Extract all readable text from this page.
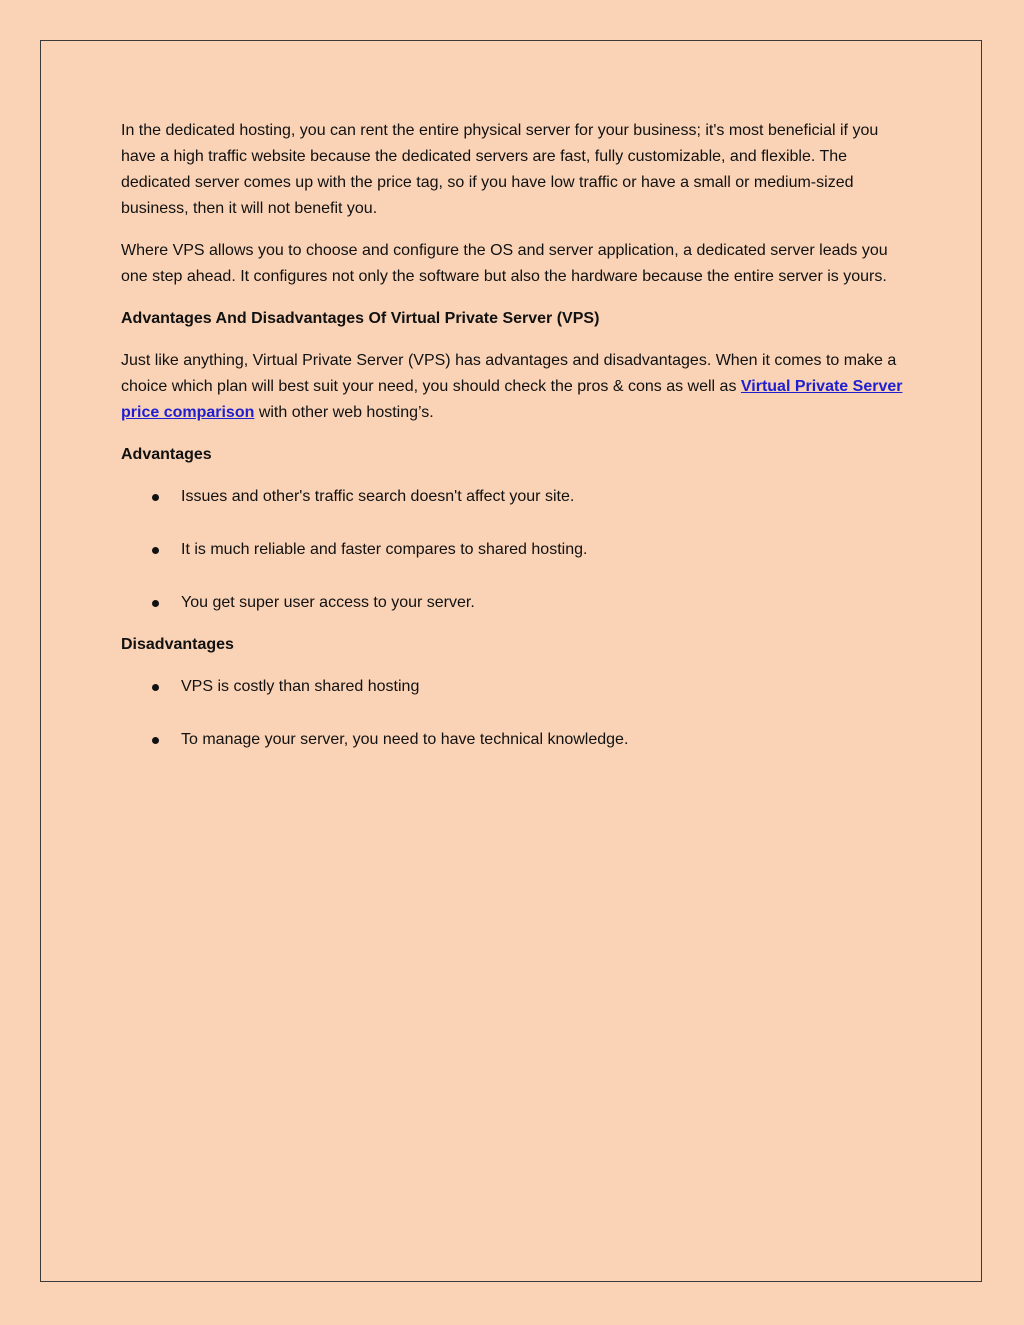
In the dedicated hosting, you can rent the entire physical server for your business; it's most beneficial if you have a high traffic website because the dedicated servers are fast, fully customizable, and flexible. The dedicated server comes up with the price tag, so if you have low traffic or have a small or medium-sized business, then it will not benefit you.

Where VPS allows you to choose and configure the OS and server application, a dedicated server leads you one step ahead. It configures not only the software but also the hardware because the entire server is yours.

Advantages And Disadvantages Of Virtual Private Server (VPS)

Just like anything, Virtual Private Server (VPS) has advantages and disadvantages. When it comes to make a choice which plan will best suit your need, you should check the pros & cons as well as Virtual Private Server price comparison with other web hosting’s.

Advantages
Issues and other's traffic search doesn't affect your site.
It is much reliable and faster compares to shared hosting.
You get super user access to your server.
Disadvantages
VPS is costly than shared hosting
To manage your server, you need to have technical knowledge.
